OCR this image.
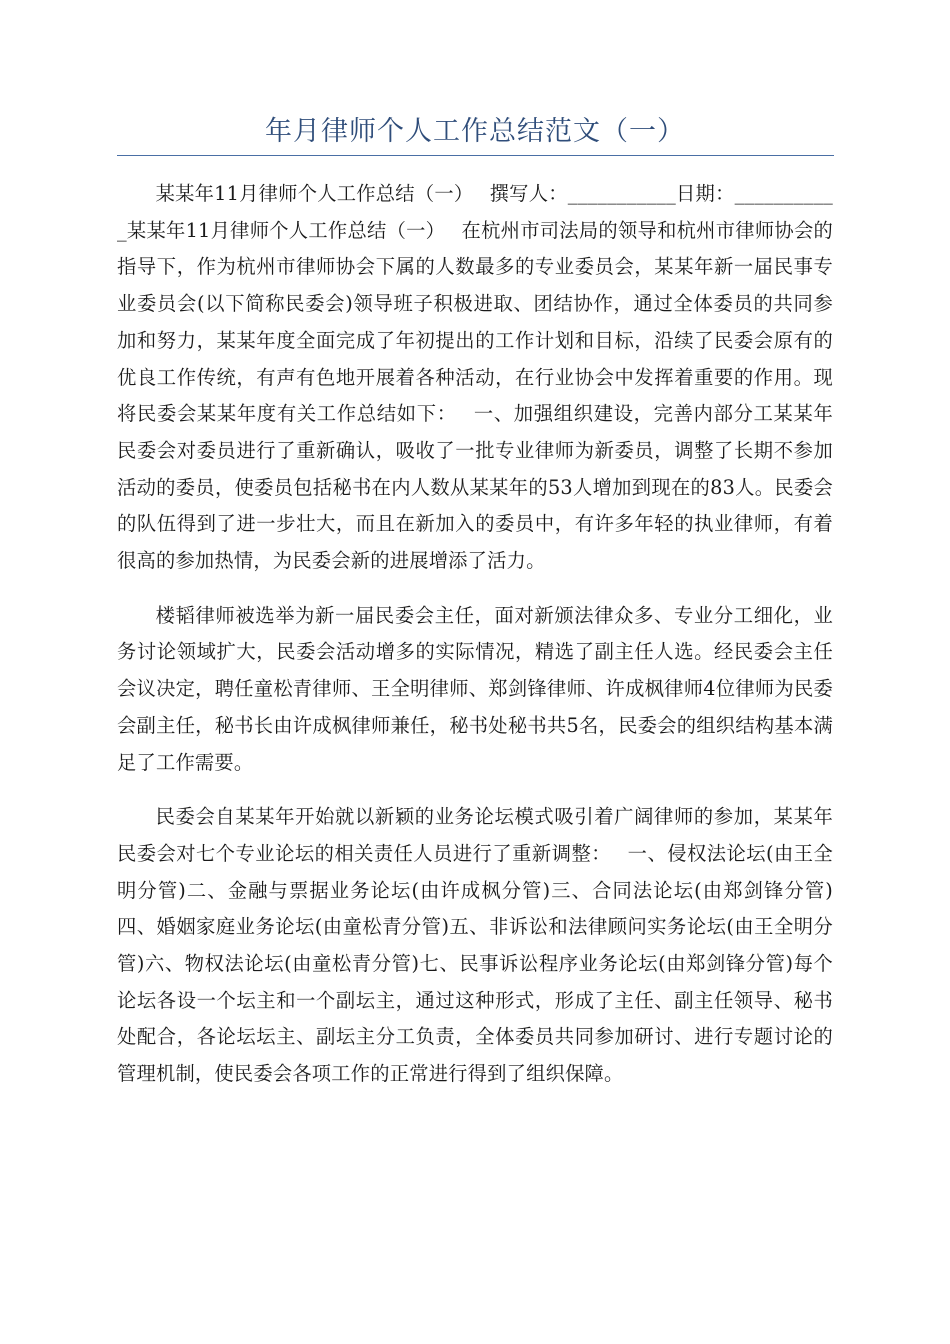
年月律师个人工作总结范文（一）

某某年11月律师个人工作总结（一）　 撰写人：___________日期：___________某某年11月律师个人工作总结（一）　 在杭州市司法局的领导和杭州市律师协会的指导下，作为杭州市律师协会下属的人数最多的专业委员会，某某年新一届民事专业委员会(以下简称民委会)领导班子积极进取、团结协作，通过全体委员的共同参加和努力，某某年度全面完成了年初提出的工作计划和目标，沿续了民委会原有的优良工作传统，有声有色地开展着各种活动，在行业协会中发挥着重要的作用。现将民委会某某年度有关工作总结如下：　 一、加强组织建设，完善内部分工某某年民委会对委员进行了重新确认，吸收了一批专业律师为新委员，调整了长期不参加活动的委员，使委员包括秘书在内人数从某某年的53人增加到现在的83人。民委会的队伍得到了进一步壮大，而且在新加入的委员中，有许多年轻的执业律师，有着很高的参加热情，为民委会新的进展增添了活力。

楼韬律师被选举为新一届民委会主任，面对新颁法律众多、专业分工细化，业务讨论领域扩大，民委会活动增多的实际情况，精选了副主任人选。经民委会主任会议决定，聘任童松青律师、王全明律师、郑剑锋律师、许成枫律师4位律师为民委会副主任，秘书长由许成枫律师兼任，秘书处秘书共5名，民委会的组织结构基本满足了工作需要。

民委会自某某年开始就以新颖的业务论坛模式吸引着广阔律师的参加，某某年民委会对七个专业论坛的相关责任人员进行了重新调整：　 一、侵权法论坛(由王全明分管)二、金融与票据业务论坛(由许成枫分管)三、合同法论坛(由郑剑锋分管)四、婚姻家庭业务论坛(由童松青分管)五、非诉讼和法律顾问实务论坛(由王全明分管)六、物权法论坛(由童松青分管)七、民事诉讼程序业务论坛(由郑剑锋分管)每个论坛各设一个坛主和一个副坛主，通过这种形式，形成了主任、副主任领导、秘书处配合，各论坛坛主、副坛主分工负责，全体委员共同参加研讨、进行专题讨论的管理机制，使民委会各项工作的正常进行得到了组织保障。
